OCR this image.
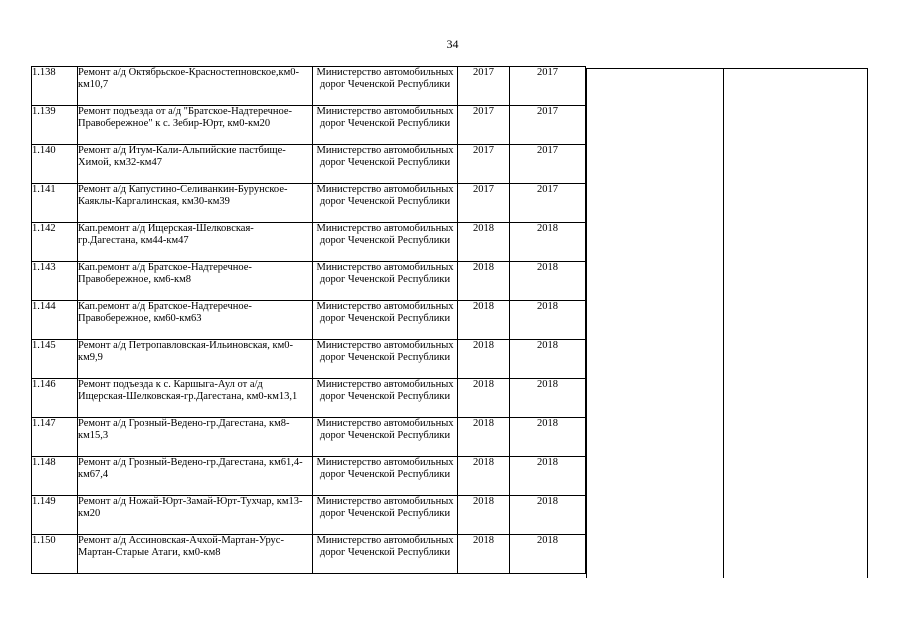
34
1.138	Ремонт а/д Октябрьское-Красностепновское,км0-км10,7	Министерство автомобильных дорог Чеченской Республики	2017	2017
1.139	Ремонт подъезда от а/д "Братское-Надтеречное-Правобережное" к с. Зебир-Юрт, км0-км20	Министерство автомобильных дорог Чеченской Республики	2017	2017
1.140	Ремонт а/д Итум-Кали-Альпийские пастбище-Химой, км32-км47	Министерство автомобильных дорог Чеченской Республики	2017	2017
1.141	Ремонт а/д Капустино-Селиванкин-Бурунское-Каяклы-Каргалинская, км30-км39	Министерство автомобильных дорог Чеченской Республики	2017	2017
1.142	Кап.ремонт а/д Ищерская-Шелковская-гр.Дагестана, км44-км47	Министерство автомобильных дорог Чеченской Республики	2018	2018
1.143	Кап.ремонт а/д Братское-Надтеречное-Правобережное, км6-км8	Министерство автомобильных дорог Чеченской Республики	2018	2018
1.144	Кап.ремонт а/д Братское-Надтеречное-Правобережное, км60-км63	Министерство автомобильных дорог Чеченской Республики	2018	2018
1.145	Ремонт а/д Петропавловская-Ильиновская, км0-км9,9	Министерство автомобильных дорог Чеченской Республики	2018	2018
1.146	Ремонт подъезда к с. Каршыга-Аул от а/д Ищерская-Шелковская-гр.Дагестана, км0-км13,1	Министерство автомобильных дорог Чеченской Республики	2018	2018
1.147	Ремонт а/д Грозный-Ведено-гр.Дагестана, км8-км15,3	Министерство автомобильных дорог Чеченской Республики	2018	2018
1.148	Ремонт а/д Грозный-Ведено-гр.Дагестана, км61,4-км67,4	Министерство автомобильных дорог Чеченской Республики	2018	2018
1.149	Ремонт а/д Ножай-Юрт-Замай-Юрт-Тухчар, км13-км20	Министерство автомобильных дорог Чеченской Республики	2018	2018
1.150	Ремонт а/д Ассиновская-Ачхой-Мартан-Урус-Мартан-Старые Атаги, км0-км8	Министерство автомобильных дорог Чеченской Республики	2018	2018
